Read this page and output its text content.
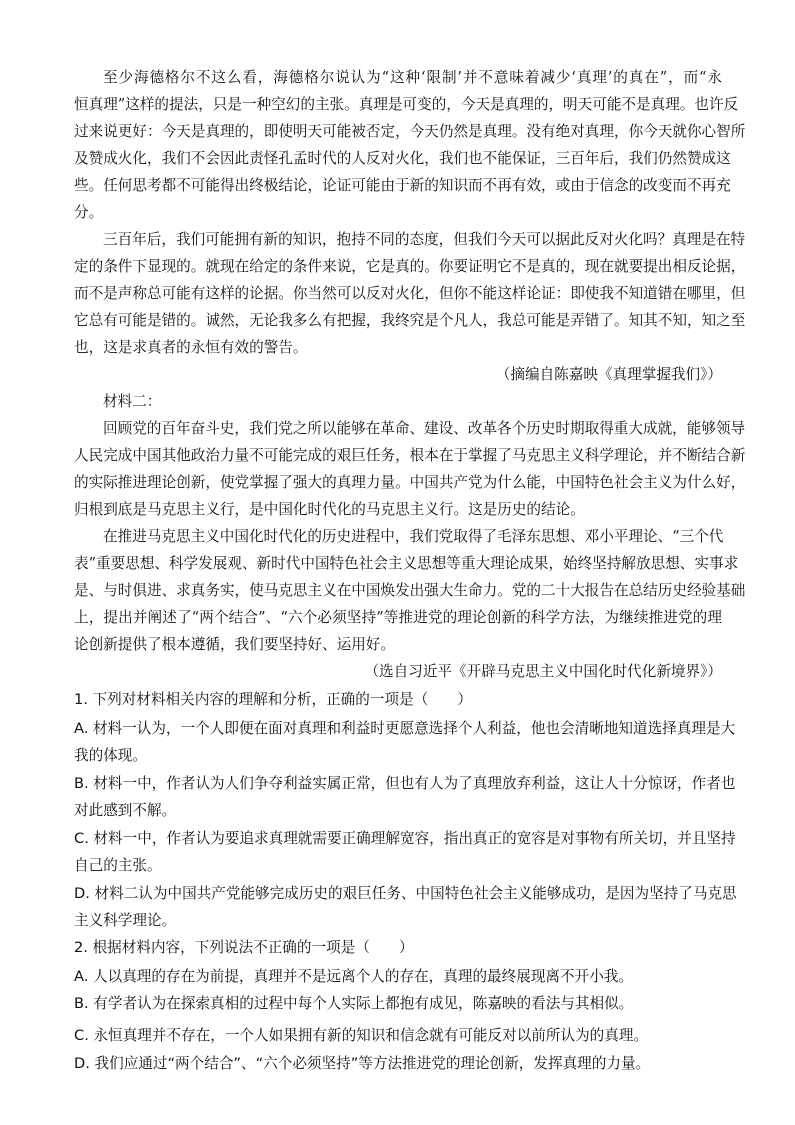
至少海德格尔不这么看，海德格尔说认为“这种‘限制’并不意味着减少‘真理’的真在”，而“永
恒真理”这样的提法，只是一种空幻的主张。真理是可变的，今天是真理的，明天可能不是真理。也许反
过来说更好：今天是真理的，即使明天可能被否定，今天仍然是真理。没有绝对真理，你今天就你心智所
及赞成火化，我们不会因此责怪孔孟时代的人反对火化，我们也不能保证，三百年后，我们仍然赞成这
些。任何思考都不可能得出终极结论，论证可能由于新的知识而不再有效，或由于信念的改变而不再充
分。
三百年后，我们可能拥有新的知识，抱持不同的态度，但我们今天可以据此反对火化吗？真理是在特
定的条件下显现的。就现在给定的条件来说，它是真的。你要证明它不是真的，现在就要提出相反论据，
而不是声称总可能有这样的论据。你当然可以反对火化，但你不能这样论证：即使我不知道错在哪里，但
它总有可能是错的。诚然，无论我多么有把握，我终究是个凡人，我总可能是弄错了。知其不知，知之至
也，这是求真者的永恒有效的警告。
（摘编自陈嘉映《真理掌握我们》）
材料二：
回顾党的百年奋斗史，我们党之所以能够在革命、建设、改革各个历史时期取得重大成就，能够领导
人民完成中国其他政治力量不可能完成的艰巨任务，根本在于掌握了马克思主义科学理论，并不断结合新
的实际推进理论创新，使党掌握了强大的真理力量。中国共产党为什么能，中国特色社会主义为什么好，
归根到底是马克思主义行，是中国化时代化的马克思主义行。这是历史的结论。
在推进马克思主义中国化时代化的历史进程中，我们党取得了毛泽东思想、邓小平理论、“三个代
表”重要思想、科学发展观、新时代中国特色社会主义思想等重大理论成果，始终坚持解放思想、实事求
是、与时俱进、求真务实，使马克思主义在中国焕发出强大生命力。党的二十大报告在总结历史经验基础
上，提出并阐述了“两个结合”、“六个必须坚持”等推进党的理论创新的科学方法，为继续推进党的理
论创新提供了根本遵循，我们要坚持好、运用好。
（选自习近平《开辟马克思主义中国化时代化新境界》）
1. 下列对材料相关内容的理解和分析，正确的一项是（　　）
A. 材料一认为，一个人即便在面对真理和利益时更愿意选择个人利益，他也会清晰地知道选择真理是大
我的体现。
B. 材料一中，作者认为人们争夺利益实属正常，但也有人为了真理放弃利益，这让人十分惊讶，作者也
对此感到不解。
C. 材料一中，作者认为要追求真理就需要正确理解宽容，指出真正的宽容是对事物有所关切，并且坚持
自己的主张。
D. 材料二认为中国共产党能够完成历史的艰巨任务、中国特色社会主义能够成功，是因为坚持了马克思
主义科学理论。
2. 根据材料内容，下列说法不正确的一项是（　　）
A. 人以真理的存在为前提，真理并不是远离个人的存在，真理的最终展现离不开小我。
B. 有学者认为在探索真相的过程中每个人实际上都抱有成见，陈嘉映的看法与其相似。
C. 永恒真理并不存在，一个人如果拥有新的知识和信念就有可能反对以前所认为的真理。
D. 我们应通过“两个结合”、“六个必须坚持”等方法推进党的理论创新，发挥真理的力量。
